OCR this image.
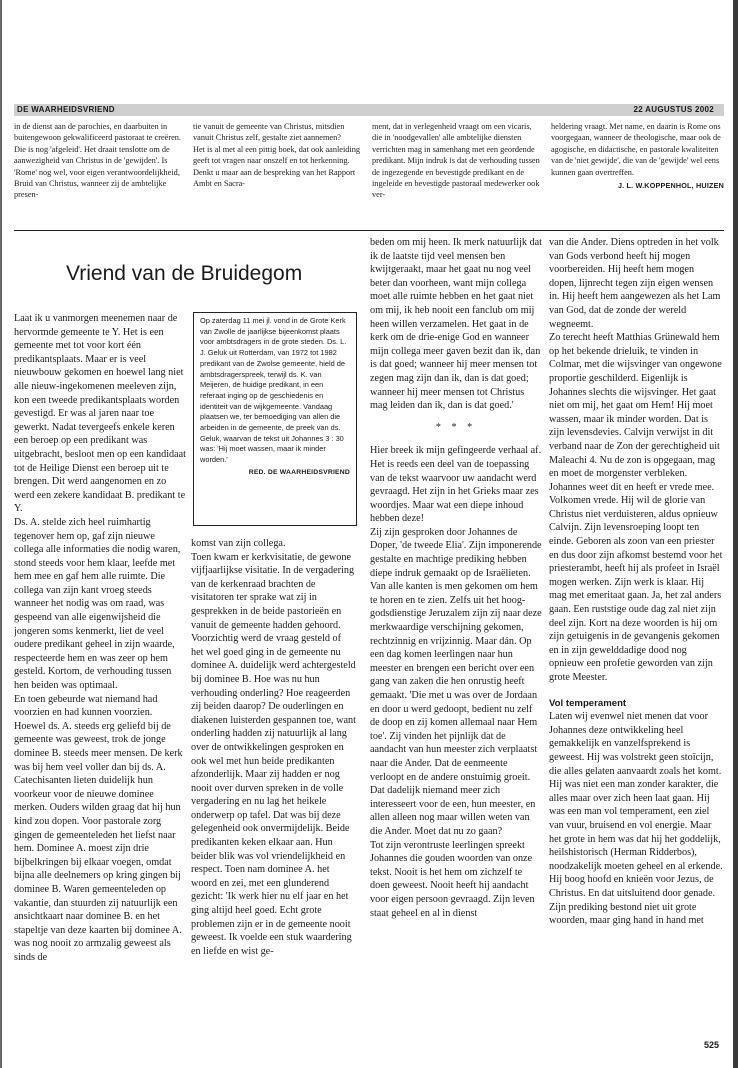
DE WAARHEIDSVRIEND	22 AUGUSTUS 2002

in de dienst aan de parochies, en daarbuiten in buitengewoon gekwalificeerd pastoraat te creëren. Die is nog 'afgeleid'. Het draait tenslotte om de aanwezigheid van Christus in de 'gewijden'. Is 'Rome' nog wel, voor eigen verantwoordelijkheid, Bruid van Christus, wanneer zij de ambtelijke presen-

tie vanuit de gemeente van Christus, mitsdien vanuit Christus zelf, gestalte ziet aannemen?
Het is al met al een pittig boek, dat ook aanleiding geeft tot vragen naar onszelf en tot herkenning. Denkt u maar aan de bespreking van het Rapport Ambt en Sacra-

ment, dat in verlegenheid vraagt om een vicaris, die in 'noodgevallen' alle ambtelijke diensten verrichten mag in samenhang met een geordende predikant. Mijn indruk is dat de verhouding tussen de ingezegende en bevestigde predikant en de ingeleide en bevestigde pastoraal medewerker ook ver-

heldering vraagt. Met name, en daarin is Rome ons voorgegaan, wanneer de theologische, maar ook de agogische, en didactische, en pastorale kwaliteiten van de 'niet gewijde', die van de 'gewijde' wel eens kunnen gaan overtreffen.

J. L. W.KOPPENHOL, HUIZEN

Vriend van de Bruidegom

Laat ik u vanmorgen meenemen naar de hervormde gemeente te Y. Het is een gemeente met tot voor kort één predikantsplaats. Maar er is veel nieuwbouw gekomen en hoewel lang niet alle nieuw-ingekomenen meeleven zijn, kon een tweede predikantsplaats worden gevestigd. Er was al jaren naar toe gewerkt. Nadat tevergeefs enkele keren een beroep op een predikant was uitgebracht, besloot men op een kandidaat tot de Heilige Dienst een beroep uit te brengen. Dit werd aangenomen en zo werd een zekere kandidaat B. predikant te Y.
Ds. A. stelde zich heel ruimhartig tegenover hem op, gaf zijn nieuwe collega alle informaties die nodig waren, stond steeds voor hem klaar, leefde met hem mee en gaf hem alle ruimte. Die collega van zijn kant vroeg steeds wanneer het nodig was om raad, was gespeend van alle eigenwijsheid die jongeren soms kenmerkt, liet de veel oudere predikant geheel in zijn waarde, respecteerde hem en was zeer op hem gesteld. Kortom, de verhouding tussen hen beiden was optimaal.
En toen gebeurde wat niemand had voorzien en had kunnen voorzien. Hoewel ds. A. steeds erg geliefd bij de gemeente was geweest, trok de jonge dominee B. steeds meer mensen. De kerk was bij hem veel voller dan bij ds. A. Catechisanten lieten duidelijk hun voorkeur voor de nieuwe dominee merken. Ouders wilden graag dat hij hun kind zou dopen. Voor pastorale zorg gingen de gemeenteleden het liefst naar hem. Dominee A. moest zijn drie bijbelkringen bij elkaar voegen, omdat bijna alle deelnemers op kring gingen bij dominee B. Waren gemeenteleden op vakantie, dan stuurden zij natuurlijk een ansichtkaart naar dominee B. en het stapeltje van deze kaarten bij dominee A. was nog nooit zo armzalig geweest als sinds de

Op zaterdag 11 mei jl. vond in de Grote Kerk van Zwolle de jaarlijkse bijeenkomst plaats voor ambtsdragers in de grote steden. Ds. L. J. Geluk uit Rotterdam, van 1972 tot 1982 predikant van de Zwolse gemeente, hield de ambtsdragerspreek, terwijl ds. K. van Meijeren, de huidige predikant, in een referaat inging op de geschiedenis en identiteit van de wijkgemeente. Vandaag plaatsen we, ter bemoediging van allen die arbeiden in de gemeente, de preek van ds. Geluk, waarvan de tekst uit Johannes 3 : 30 was: 'Hij moet wassen, maar ik minder worden.'
RED. DE WAARHEIDSVRIEND

komst van zijn collega.
Toen kwam er kerkvisitatie, de gewone vijfjaarlijkse visitatie. In de vergadering van de kerkenraad brachten de visitatoren ter sprake wat zij in gesprekken in de beide pastorieën en vanuit de gemeente hadden gehoord. Voorzichtig werd de vraag gesteld of het wel goed ging in de gemeente nu dominee A. duidelijk werd achtergesteld bij dominee B. Hoe was nu hun verhouding onderling? Hoe reageerden zij beiden daarop? De ouderlingen en diakenen luisterden gespannen toe, want onderling hadden zij natuurlijk al lang over de ontwikkelingen gesproken en ook wel met hun beide predikanten afzonderlijk. Maar zij hadden er nog nooit over durven spreken in de volle vergadering en nu lag het heikele onderwerp op tafel. Dat was bij deze gelegenheid ook onvermijdelijk. Beide predikanten keken elkaar aan. Hun beider blik was vol vriendelijkheid en respect. Toen nam dominee A. het woord en zei, met een glunderend gezicht: 'Ik werk hier nu elf jaar en het ging altijd heel goed. Echt grote problemen zijn er in de gemeente nooit geweest. Ik voelde een stuk waardering en liefde en wist ge-

beden om mij heen. Ik merk natuurlijk dat ik de laatste tijd veel mensen ben kwijtgeraakt, maar het gaat nu nog veel beter dan voorheen, want mijn collega moet alle ruimte hebben en het gaat niet om mij, ik heb nooit een fanclub om mij heen willen verzamelen. Het gaat in de kerk om de drie-enige God en wanneer mijn collega meer gaven bezit dan ik, dan is dat goed; wanneer hij meer mensen tot zegen mag zijn dan ik, dan is dat goed; wanneer hij meer mensen tot Christus mag leiden dan ik, dan is dat goed.'

* * *

Hier breek ik mijn gefingeerde verhaal af. Het is reeds een deel van de toepassing van de tekst waarvoor uw aandacht werd gevraagd. Het zijn in het Grieks maar zes woordjes. Maar wat een diepe inhoud hebben deze!
Zij zijn gesproken door Johannes de Doper, 'de tweede Elia'. Zijn imponerende gestalte en machtige prediking hebben diepe indruk gemaakt op de Israëlieten. Van alle kanten is men gekomen om hem te horen en te zien. Zelfs uit het hoog-godsdienstige Jeruzalem zijn zij naar deze merkwaardige verschijning gekomen, rechtzinnig en vrijzinnig. Maar dán. Op een dag komen leerlingen naar hun meester en brengen een bericht over een gang van zaken die hen onrustig heeft gemaakt. 'Die met u was over de Jordaan en door u werd gedoopt, bedient nu zelf de doop en zij komen allemaal naar Hem toe'. Zij vinden het pijnlijk dat de aandacht van hun meester zich verplaatst naar die Ander. Dat de eenmeente verloopt en de andere onstuimig groeit. Dat dadelijk niemand meer zich interesseert voor de een, hun meester, en allen alleen nog maar willen weten van die Ander. Moet dat nu zo gaan?
Tot zijn verontruste leerlingen spreekt Johannes die gouden woorden van onze tekst. Nooit is het hem om zichzelf te doen geweest. Nooit heeft hij aandacht voor eigen persoon gevraagd. Zijn leven staat geheel en al in dienst

van die Ander. Diens optreden in het volk van Gods verbond heeft hij mogen voorbereiden. Hij heeft hem mogen dopen, lijnrecht tegen zijn eigen wensen in. Hij heeft hem aangewezen als het Lam van God, dat de zonde der wereld wegneemt.
Zo terecht heeft Matthias Grünewald hem op het bekende drieluik, te vinden in Colmar, met die wijsvinger van ongewone proportie geschilderd. Eigenlijk is Johannes slechts die wijsvinger. Het gaat niet om mij, het gaat om Hem! Hij moet wassen, maar ik minder worden. Dat is zijn levensdevies. Calvijn verwijst in dit verband naar de Zon der gerechtigheid uit Maleachi 4. Nu de zon is opgegaan, mag en moet de morgenster verbleken. Johannes weet dit en heeft er vrede mee. Volkomen vrede. Hij wil de glorie van Christus niet verduisteren, aldus opnieuw Calvijn. Zijn levensroeping loopt ten einde. Geboren als zoon van een priester en dus door zijn afkomst bestemd voor het priesterambt, heeft hij als profeet in Israël mogen werken. Zijn werk is klaar. Hij mag met emeritaat gaan. Ja, het zal anders gaan. Een ruststige oude dag zal niet zijn deel zijn. Kort na deze woorden is hij om zijn getuigenis in de gevangenis gekomen en in zijn gewelddadige dood nog opnieuw een profetie geworden van zijn grote Meester.

Vol temperament

Laten wij evenwel niet menen dat voor Johannes deze ontwikkeling heel gemakkelijk en vanzelfsprekend is geweest. Hij was volstrekt geen stoïcijn, die alles gelaten aanvaardt zoals het komt. Hij was niet een man zonder karakter, die alles maar over zich heen laat gaan. Hij was een man vol temperament, een ziel van vuur, bruisend en vol energie. Maar het grote in hem was dat hij het goddelijk, heilshistorisch (Herman Ridderbos), noodzakelijk moeten geheel en al erkende. Hij boog hoofd en knieën voor Jezus, de Christus. En dat uitsluitend door genade. Zijn prediking bestond niet uit grote woorden, maar ging hand in hand met

525
